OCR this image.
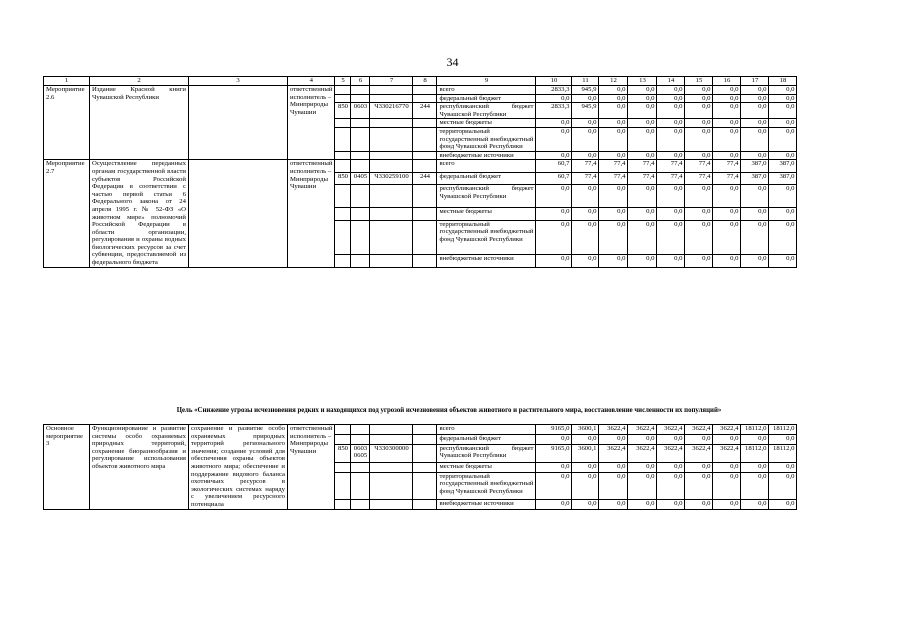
34
1	2	3	4	5	6	7	8	9	10	11	12	13	14	15	16	17	18
Мероприятие 2.6	Издание Красной книги Чувашской Республики		ответственный исполнитель – Минприроды Чувашии					всего	2833,3	945,9	0,0	0,0	0,0	0,0	0,0	0,0	0,0
								федеральный бюджет	0,0	0,0	0,0	0,0	0,0	0,0	0,0	0,0	0,0
				850	0603	Ч330216770	244	республиканский бюджет Чувашской Республики	2833,3	945,9	0,0	0,0	0,0	0,0	0,0	0,0	0,0
								местные бюджеты	0,0	0,0	0,0	0,0	0,0	0,0	0,0	0,0	0,0
								территориальный государственный внебюджетный фонд Чувашской Республики	0,0	0,0	0,0	0,0	0,0	0,0	0,0	0,0	0,0
								внебюджетные источники	0,0	0,0	0,0	0,0	0,0	0,0	0,0	0,0	0,0
Мероприятие 2.7	Осуществление переданных органам государственной власти субъектов Российской Федерации в соответствии с частью первой статьи 6 Федерального закона от 24 апреля 1995 г. № 52-ФЗ «О животном мире» полномочий Российской Федерации в области организации, регулирования и охраны водных биологических ресурсов за счет субвенции, предоставляемой из федерального бюджета		ответственный исполнитель – Минприроды Чувашии					всего	60,7	77,4	77,4	77,4	77,4	77,4	77,4	387,0	387,0
				850	0405	Ч330259100	244	федеральный бюджет	60,7	77,4	77,4	77,4	77,4	77,4	77,4	387,0	387,0
								республиканский бюджет Чувашской Республики	0,0	0,0	0,0	0,0	0,0	0,0	0,0	0,0	0,0
								местные бюджеты	0,0	0,0	0,0	0,0	0,0	0,0	0,0	0,0	0,0
								территориальный государственный внебюджетный фонд Чувашской Республики	0,0	0,0	0,0	0,0	0,0	0,0	0,0	0,0	0,0
								внебюджетные источники	0,0	0,0	0,0	0,0	0,0	0,0	0,0	0,0	0,0
Цель «Снижение угрозы исчезновения редких и находящихся под угрозой исчезновения объектов животного и растительного мира, восстановление численности их популяций»
Основное мероприятие 3	Функционирование и развитие системы особо охраняемых природных территорий, сохранение биоразнообразия и регулирование использования объектов животного мира	сохранение и развитие особо охраняемых природных территорий регионального значения; создание условий для обеспечения охраны объектов животного мира; обеспечение и поддержание видового баланса охотничьих ресурсов в экологических системах наряду с увеличением ресурсного потенциала	ответственный исполнитель – Минприроды Чувашии					всего	9165,0	3600,1	3622,4	3622,4	3622,4	3622,4	3622,4	18112,0	18112,0
								федеральный бюджет	0,0	0,0	0,0	0,0	0,0	0,0	0,0	0,0	0,0
				850	0603 0605	Ч330300000		республиканский бюджет Чувашской Республики	9165,0	3600,1	3622,4	3622,4	3622,4	3622,4	3622,4	18112,0	18112,0
								местные бюджеты	0,0	0,0	0,0	0,0	0,0	0,0	0,0	0,0	0,0
								территориальный государственный внебюджетный фонд Чувашской Республики	0,0	0,0	0,0	0,0	0,0	0,0	0,0	0,0	0,0
								внебюджетные источники	0,0	0,0	0,0	0,0	0,0	0,0	0,0	0,0	0,0
